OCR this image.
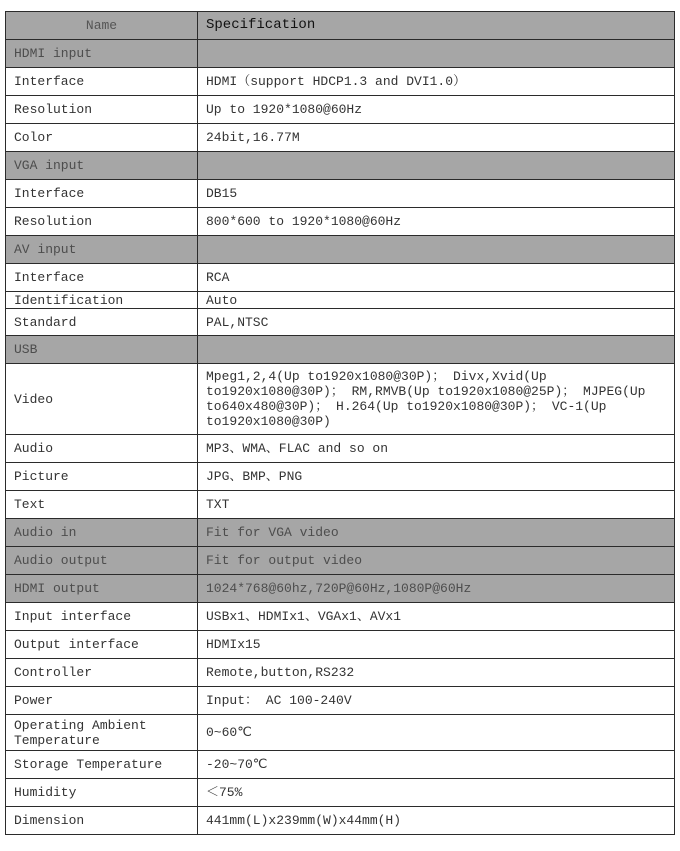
Name	Specification
HDMI input	
Interface	HDMI（support HDCP1.3 and DVI1.0）
Resolution	Up to 1920*1080@60Hz
Color	24bit,16.77M
VGA input	
Interface	DB15
Resolution	800*600 to 1920*1080@60Hz
AV input	
Interface	RCA
Identification	Auto
Standard	PAL,NTSC
USB	
Video	Mpeg1,2,4(Up to1920x1080@30P)； Divx,Xvid(Up to1920x1080@30P)； RM,RMVB(Up to1920x1080@25P)； MJPEG(Up to640x480@30P)； H.264(Up to1920x1080@30P)； VC-1(Up to1920x1080@30P)
Audio	MP3、WMA、FLAC and so on
Picture	JPG、BMP、PNG
Text	TXT
Audio in	Fit for VGA video
Audio output	Fit for output video
HDMI output	1024*768@60hz,720P@60Hz,1080P@60Hz
Input interface	USBx1、HDMIx1、VGAx1、AVx1
Output interface	HDMIx15
Controller	Remote,button,RS232
Power	Input： AC 100-240V
Operating Ambient Temperature	0~60℃
Storage Temperature	-20~70℃
Humidity	＜75%
Dimension	441mm(L)x239mm(W)x44mm(H)
